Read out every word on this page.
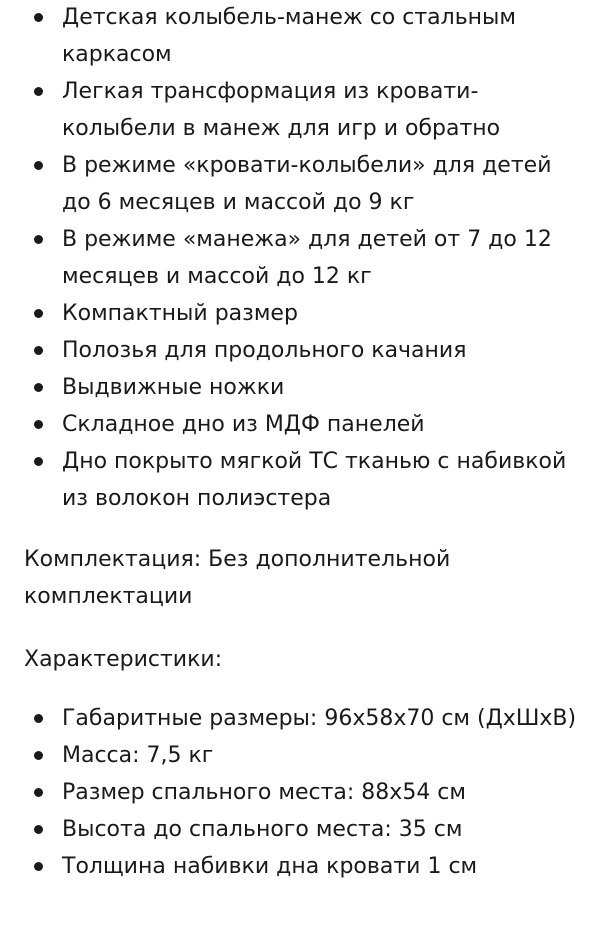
Детская колыбель-манеж со стальным каркасом
Легкая трансформация из кровати-колыбели в манеж для игр и обратно
В режиме «кровати-колыбели» для детей до 6 месяцев и массой до 9 кг
В режиме «манежа» для детей от 7 до 12 месяцев и массой до 12 кг
Компактный размер
Полозья для продольного качания
Выдвижные ножки
Складное дно из МДФ панелей
Дно покрыто мягкой ТС тканью с набивкой из волокон полиэстера

Комплектация: Без дополнительной комплектации

Характеристики:

Габаритные размеры: 96х58х70 см (ДхШхВ)
Масса: 7,5 кг
Размер спального места: 88х54 см
Высота до спального места: 35 см
Толщина набивки дна кровати 1 см
